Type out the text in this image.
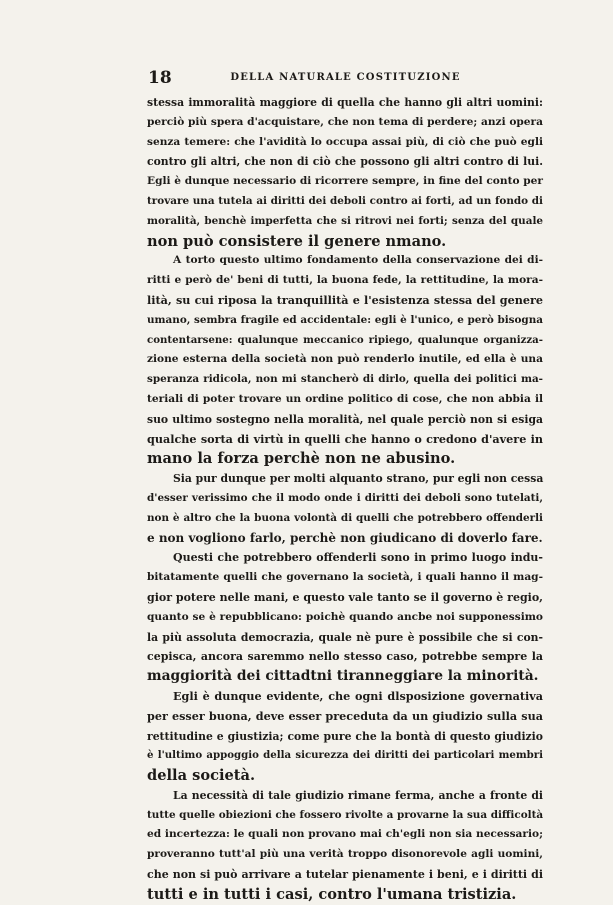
18	DELLA NATURALE COSTITUZIONE
stessa immoralità maggiore di quella che hanno gli altri uomini:
perciò più spera d'acquistare, che non tema di perdere; anzi opera
senza temere: che l'avidità lo occupa assai più, di ciò che può egli
contro gli altri, che non di ciò che possono gli altri contro di lui.
Egli è dunque necessario di ricorrere sempre, in fine del conto per
trovare una tutela ai diritti dei deboli contro ai forti, ad un fondo di
moralità, benchè imperfetta che si ritrovi nei forti; senza del quale
non può consistere il genere nmano.
A torto questo ultimo fondamento della conservazione dei di-
ritti e però de' beni di tutti, la buona fede, la rettitudine, la mora-
lità, su cui riposa la tranquillità e l'esistenza stessa del genere
umano, sembra fragile ed accidentale: egli è l'unico, e però bisogna
contentarsene: qualunque meccanico ripiego, qualunque organizza-
zione esterna della società non può renderlo inutile, ed ella è una
speranza ridicola, non mi stancherò di dirlo, quella dei politici ma-
teriali di poter trovare un ordine politico di cose, che non abbia il
suo ultimo sostegno nella moralità, nel quale perciò non si esiga
qualche sorta di virtù in quelli che hanno o credono d'avere in
mano la forza perchè non ne abusino.
Sia pur dunque per molti alquanto strano, pur egli non cessa
d'esser verissimo che il modo onde i diritti dei deboli sono tutelati,
non è altro che la buona volontà di quelli che potrebbero offenderli
e non vogliono farlo, perchè non giudicano di doverlo fare.
Questi che potrebbero offenderli sono in primo luogo indu-
bitatamente quelli che governano la società, i quali hanno il mag-
gior potere nelle mani, e questo vale tanto se il governo è regio,
quanto se è repubblicano: poichè quando ancbe noi supponessimo
la più assoluta democrazia, quale nè pure è possibile che si con-
cepisca, ancora saremmo nello stesso caso, potrebbe sempre la
maggiorità dei cittadtni tiranneggiare la minorità.
Egli è dunque evidente, che ogni dlsposizione governativa
per esser buona, deve esser preceduta da un giudizio sulla sua
rettitudine e giustizia; come pure che la bontà di questo giudizio
è l'ultimo appoggio della sicurezza dei diritti dei particolari membri
della società.
La necessità di tale giudizio rimane ferma, anche a fronte di
tutte quelle obiezioni che fossero rivolte a provarne la sua difficoltà
ed incertezza: le quali non provano mai ch'egli non sia necessario;
proveranno tutt'al più una verità troppo disonorevole agli uomini,
che non si può arrivare a tutelar pienamente i beni, e i diritti di
tutti e in tutti i casi, contro l'umana tristizia.
